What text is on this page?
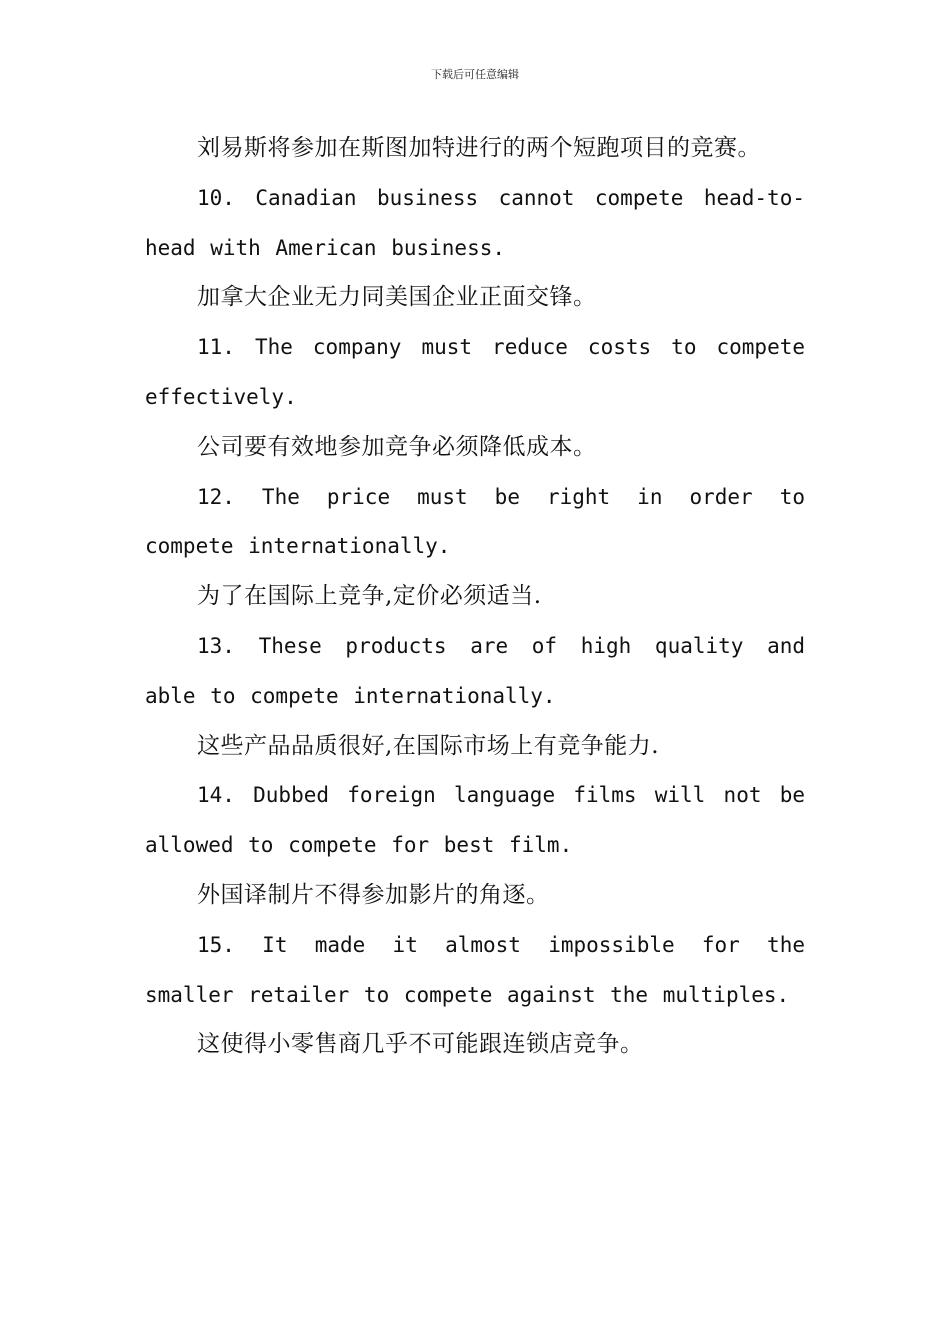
下载后可任意编辑

刘易斯将参加在斯图加特进行的两个短跑项目的竞赛。

10. Canadian business cannot compete head-to-head with American business.

加拿大企业无力同美国企业正面交锋。

11. The company must reduce costs to compete effectively.

公司要有效地参加竞争必须降低成本。

12. The price must be right in order to compete internationally.

为了在国际上竞争,定价必须适当.

13. These products are of high quality and able to compete internationally.

这些产品品质很好,在国际市场上有竞争能力.

14. Dubbed foreign language films will not be allowed to compete for best film.

外国译制片不得参加影片的角逐。

15. It made it almost impossible for the smaller retailer to compete against the multiples.

这使得小零售商几乎不可能跟连锁店竞争。
